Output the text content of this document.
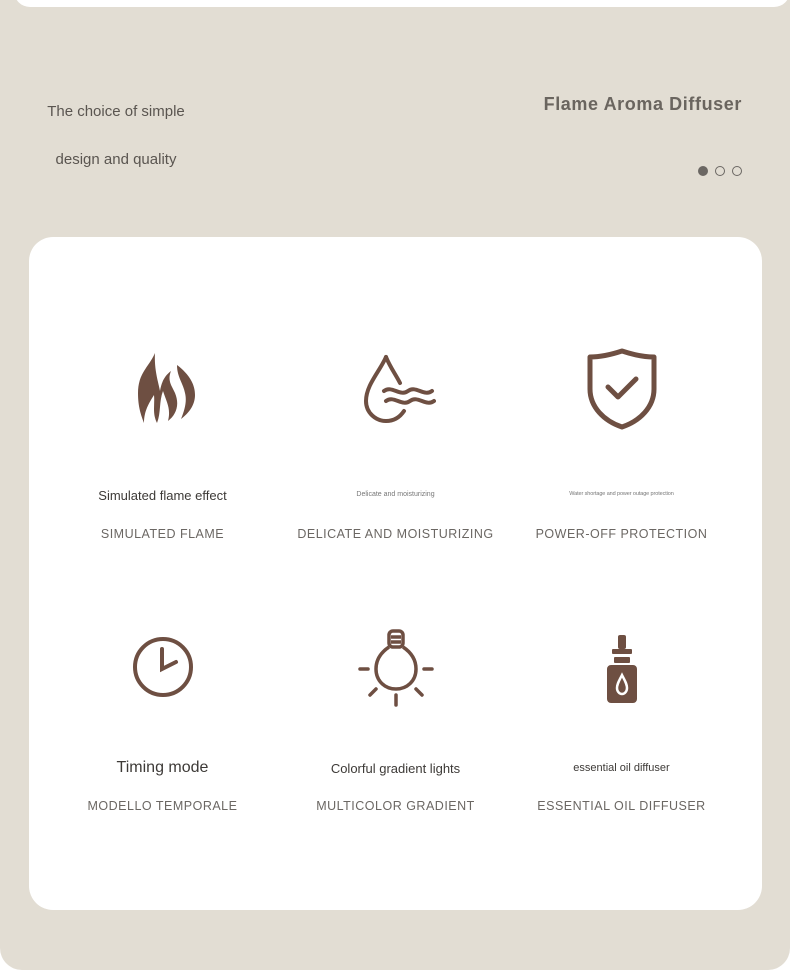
The choice of simple
design and quality
Flame Aroma Diffuser
Simulated flame effect
SIMULATED FLAME
Delicate and moisturizing
DELICATE AND MOISTURIZING
Water shortage and power outage protection
POWER-OFF PROTECTION
Timing mode
MODELLO TEMPORALE
Colorful gradient lights
MULTICOLOR GRADIENT
essential oil diffuser
ESSENTIAL OIL DIFFUSER
